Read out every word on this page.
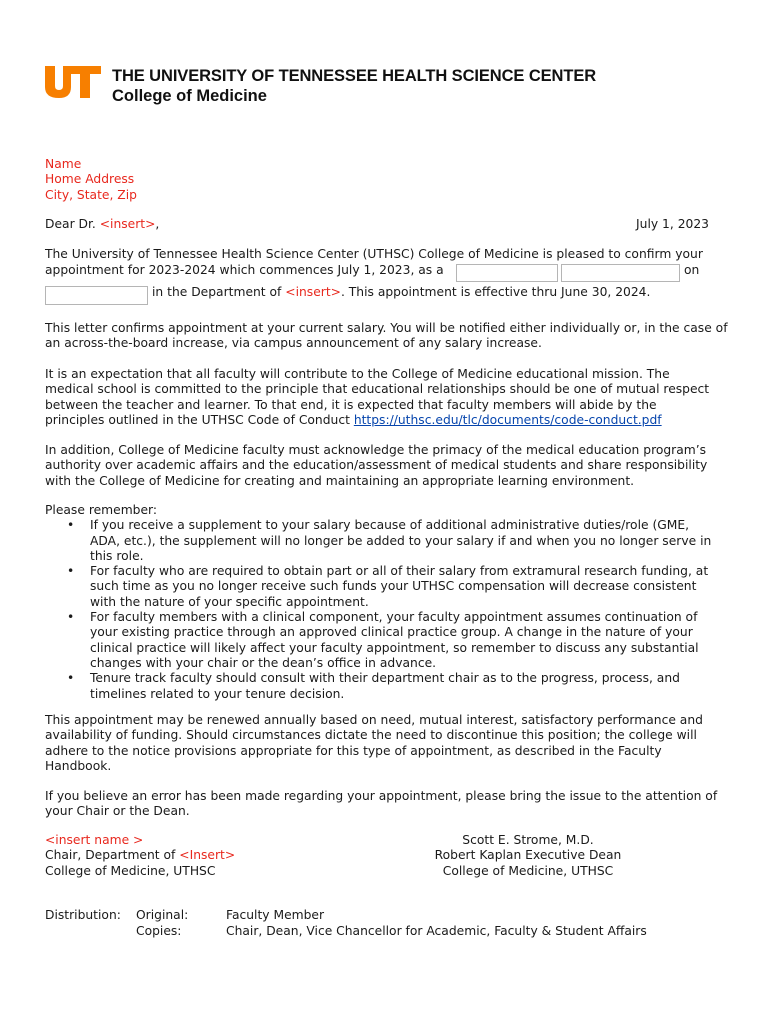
THE UNIVERSITY OF TENNESSEE HEALTH SCIENCE CENTER
College of Medicine
Name
Home Address
City, State, Zip
Dear Dr. <insert>,	July 1, 2023
The University of Tennessee Health Science Center (UTHSC) College of Medicine is pleased to confirm your
appointment for 2023-2024 which commences July 1, 2023, as a	on
in the Department of <insert>. This appointment is effective thru June 30, 2024.
This letter confirms appointment at your current salary. You will be notified either individually or, in the case of an across-the-board increase, via campus announcement of any salary increase.
It is an expectation that all faculty will contribute to the College of Medicine educational mission. The medical school is committed to the principle that educational relationships should be one of mutual respect between the teacher and learner. To that end, it is expected that faculty members will abide by the principles outlined in the UTHSC Code of Conduct https://uthsc.edu/tlc/documents/code-conduct.pdf
In addition, College of Medicine faculty must acknowledge the primacy of the medical education program’s authority over academic affairs and the education/assessment of medical students and share responsibility with the College of Medicine for creating and maintaining an appropriate learning environment.
Please remember:
• If you receive a supplement to your salary because of additional administrative duties/role (GME, ADA, etc.), the supplement will no longer be added to your salary if and when you no longer serve in this role.
• For faculty who are required to obtain part or all of their salary from extramural research funding, at such time as you no longer receive such funds your UTHSC compensation will decrease consistent with the nature of your specific appointment.
• For faculty members with a clinical component, your faculty appointment assumes continuation of your existing practice through an approved clinical practice group. A change in the nature of your clinical practice will likely affect your faculty appointment, so remember to discuss any substantial changes with your chair or the dean’s office in advance.
• Tenure track faculty should consult with their department chair as to the progress, process, and timelines related to your tenure decision.
This appointment may be renewed annually based on need, mutual interest, satisfactory performance and availability of funding. Should circumstances dictate the need to discontinue this position; the college will adhere to the notice provisions appropriate for this type of appointment, as described in the Faculty Handbook.
If you believe an error has been made regarding your appointment, please bring the issue to the attention of your Chair or the Dean.
<insert name >
Chair, Department of <Insert>
College of Medicine, UTHSC
Scott E. Strome, M.D.
Robert Kaplan Executive Dean
College of Medicine, UTHSC
Distribution: Original:	Faculty Member
Copies:	Chair, Dean, Vice Chancellor for Academic, Faculty & Student Affairs
